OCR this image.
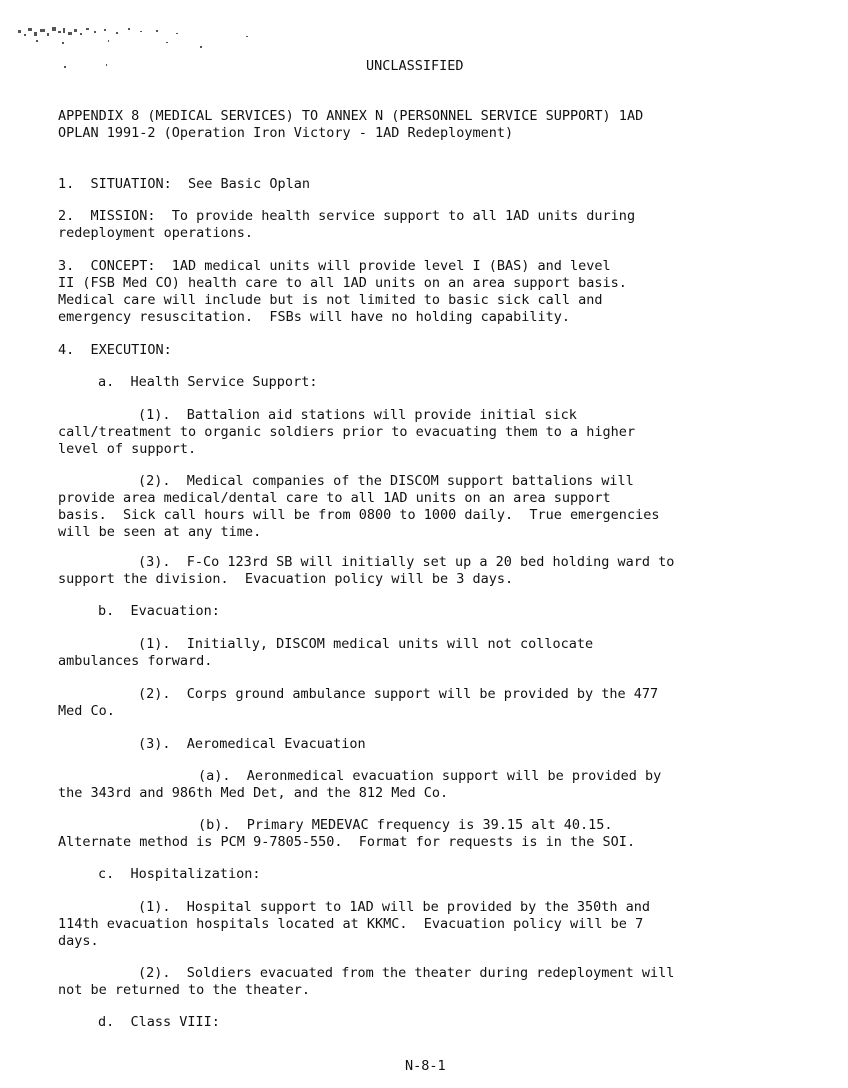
UNCLASSIFIED
APPENDIX 8 (MEDICAL SERVICES) TO ANNEX N (PERSONNEL SERVICE SUPPORT) 1AD
OPLAN 1991-2 (Operation Iron Victory - 1AD Redeployment)
1.  SITUATION:  See Basic Oplan
2.  MISSION:  To provide health service support to all 1AD units during
redeployment operations.
3.  CONCEPT:  1AD medical units will provide level I (BAS) and level
II (FSB Med CO) health care to all 1AD units on an area support basis.
Medical care will include but is not limited to basic sick call and
emergency resuscitation.  FSBs will have no holding capability.
4.  EXECUTION:
a.  Health Service Support:
(1).  Battalion aid stations will provide initial sick
call/treatment to organic soldiers prior to evacuating them to a higher
level of support.
(2).  Medical companies of the DISCOM support battalions will
provide area medical/dental care to all 1AD units on an area support
basis.  Sick call hours will be from 0800 to 1000 daily.  True emergencies
will be seen at any time.
(3).  F-Co 123rd SB will initially set up a 20 bed holding ward to
support the division.  Evacuation policy will be 3 days.
b.  Evacuation:
(1).  Initially, DISCOM medical units will not collocate
ambulances forward.
(2).  Corps ground ambulance support will be provided by the 477
Med Co.
(3).  Aeromedical Evacuation
(a).  Aeronmedical evacuation support will be provided by
the 343rd and 986th Med Det, and the 812 Med Co.
(b).  Primary MEDEVAC frequency is 39.15 alt 40.15.
Alternate method is PCM 9-7805-550.  Format for requests is in the SOI.
c.  Hospitalization:
(1).  Hospital support to 1AD will be provided by the 350th and
114th evacuation hospitals located at KKMC.  Evacuation policy will be 7
days.
(2).  Soldiers evacuated from the theater during redeployment will
not be returned to the theater.
d.  Class VIII:
N-8-1
